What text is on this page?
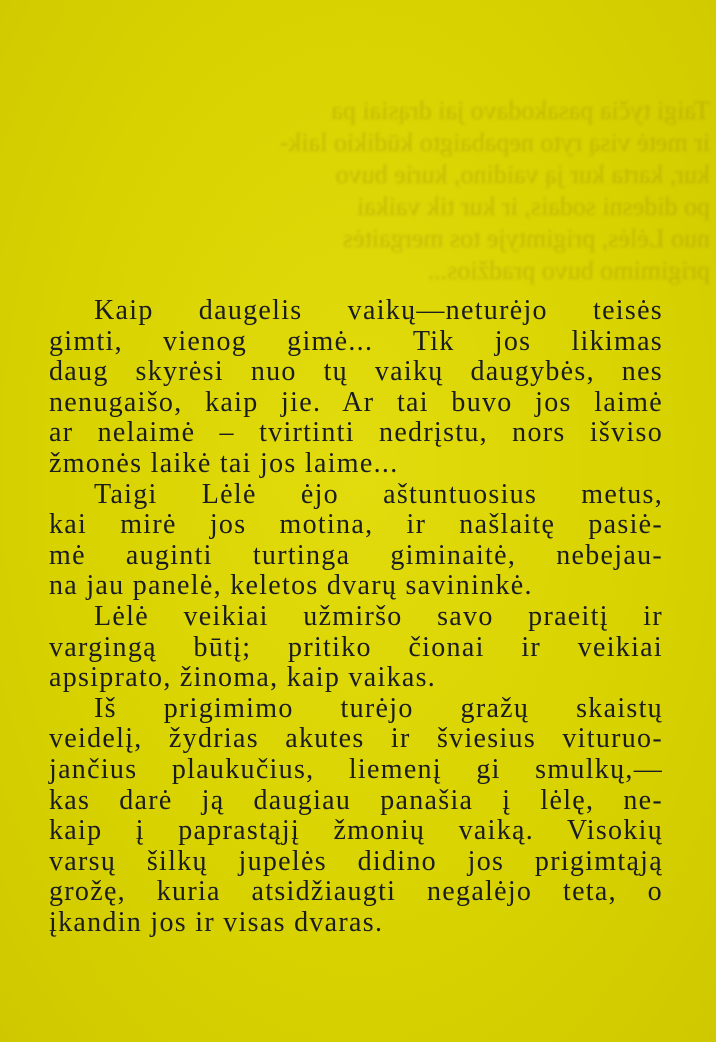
Taigi tyčia pasakodavo jai drąsiai pa
ir metė visą ryto nepabaigto kūdikio laik-
kur, karta kur ją vaidino, kurie buvo
po didesni sodais, ir kur tik vaikai
nuo Lėlės, prigimtyje tos mergaitės
prigimimo buvo pradžios...
Kaip daugelis vaikų—neturėjo teisės
gimti, vienog gimė... Tik jos likimas
daug skyrėsi nuo tų vaikų daugybės, nes
nenugaišo, kaip jie. Ar tai buvo jos laimė
ar nelaimė – tvirtinti nedrįstu, nors išviso
žmonės laikė tai jos laime...
Taigi Lėlė ėjo aštuntuosius metus,
kai mirė jos motina, ir našlaitę pasiė-
mė auginti turtinga giminaitė, nebejau-
na jau panelė, keletos dvarų savininkė.
Lėlė veikiai užmiršo savo praeitį ir
vargingą būtį; pritiko čionai ir veikiai
apsiprato, žinoma, kaip vaikas.
Iš prigimimo turėjo gražų skaistų
veidelį, žydrias akutes ir šviesius vituruo-
jančius plaukučius, liemenį gi smulkų,—
kas darė ją daugiau panašia į lėlę, ne-
kaip į paprastąjį žmonių vaiką. Visokių
varsų šilkų jupelės didino jos prigimtąją
grožę, kuria atsidžiaugti negalėjo teta, o
įkandin jos ir visas dvaras.
